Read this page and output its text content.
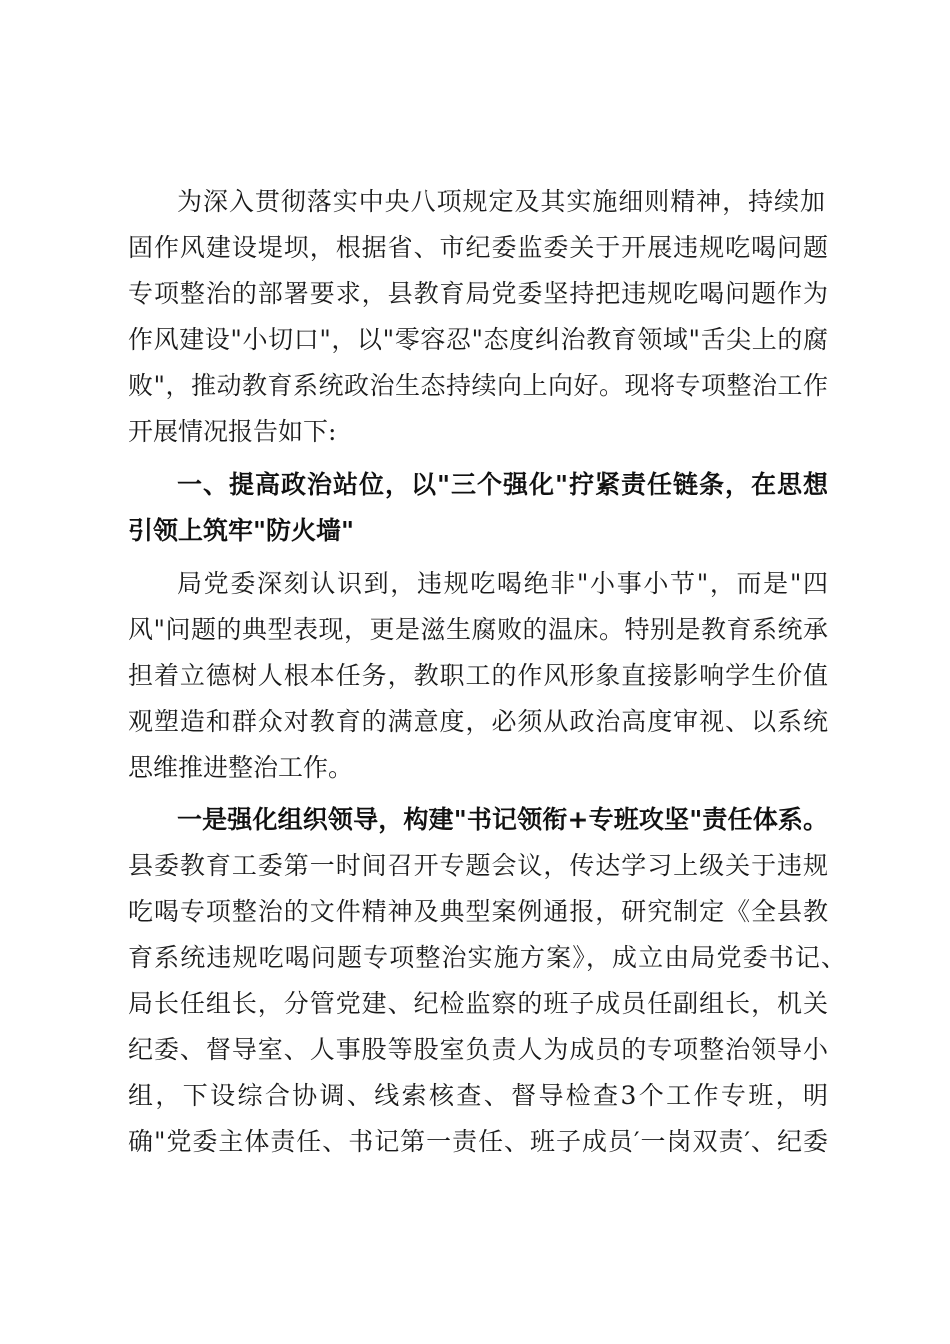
为深入贯彻落实中央八项规定及其实施细则精神，持续加
固作风建设堤坝，根据省、市纪委监委关于开展违规吃喝问题
专项整治的部署要求，县教育局党委坚持把违规吃喝问题作为
作风建设"小切口"，以"零容忍"态度纠治教育领域"舌尖上的腐
败"，推动教育系统政治生态持续向上向好。现将专项整治工作
开展情况报告如下:
一、提高政治站位，以"三个强化"拧紧责任链条，在思想
引领上筑牢"防火墙"
局党委深刻认识到，违规吃喝绝非"小事小节"，而是"四
风"问题的典型表现，更是滋生腐败的温床。特别是教育系统承
担着立德树人根本任务，教职工的作风形象直接影响学生价值
观塑造和群众对教育的满意度，必须从政治高度审视、以系统
思维推进整治工作。
一是强化组织领导，构建"书记领衔+专班攻坚"责任体系。
县委教育工委第一时间召开专题会议，传达学习上级关于违规
吃喝专项整治的文件精神及典型案例通报，研究制定《全县教
育系统违规吃喝问题专项整治实施方案》，成立由局党委书记、
局长任组长，分管党建、纪检监察的班子成员任副组长，机关
纪委、督导室、人事股等股室负责人为成员的专项整治领导小
组，下设综合协调、线索核查、督导检查3个工作专班，明
确"党委主体责任、书记第一责任、班子成员′一岗双责′、纪委
